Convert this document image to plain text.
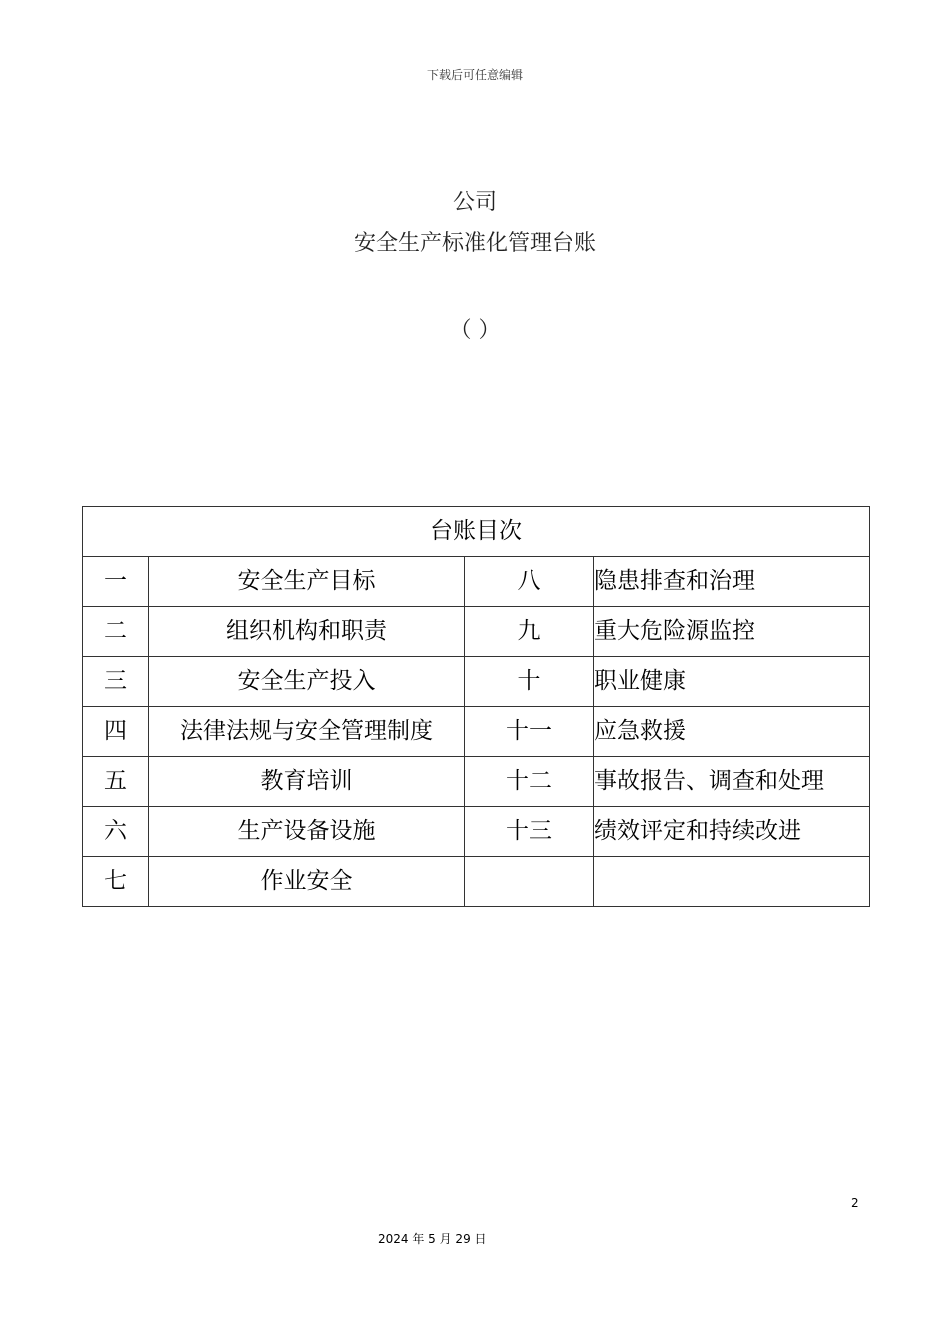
下载后可任意编辑
公司
安全生产标准化管理台账
（ ）
台账目次			
一	安全生产目标	八	隐患排查和治理
二	组织机构和职责	九	重大危险源监控
三	安全生产投入	十	职业健康
四	法律法规与安全管理制度	十一	应急救援
五	教育培训	十二	事故报告、调查和处理
六	生产设备设施	十三	绩效评定和持续改进
七	作业安全		
2
2024 年 5 月 29 日
